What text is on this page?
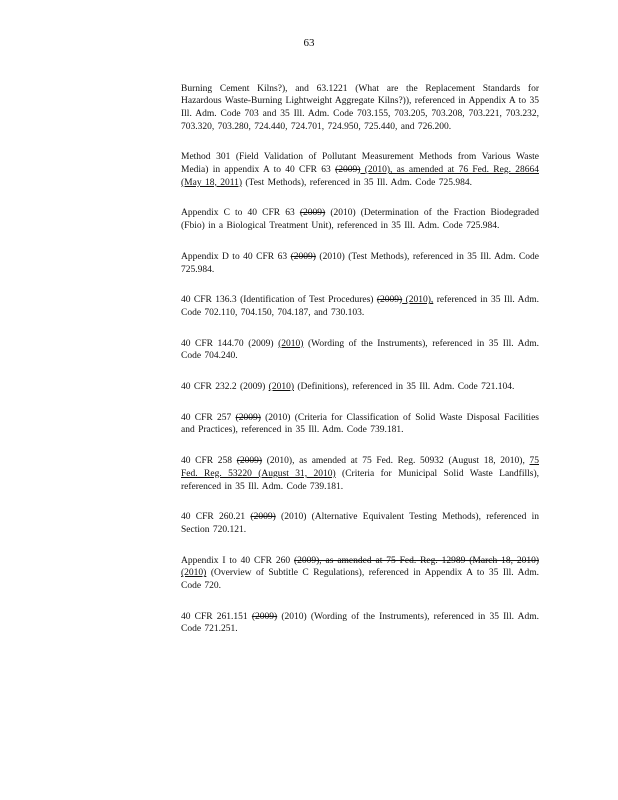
63

Burning Cement Kilns?), and 63.1221 (What are the Replacement Standards for Hazardous Waste-Burning Lightweight Aggregate Kilns?)), referenced in Appendix A to 35 Ill. Adm. Code 703 and 35 Ill. Adm. Code 703.155, 703.205, 703.208, 703.221, 703.232, 703.320, 703.280, 724.440, 724.701, 724.950, 725.440, and 726.200.

Method 301 (Field Validation of Pollutant Measurement Methods from Various Waste Media) in appendix A to 40 CFR 63 (2009) (2010), as amended at 76 Fed. Reg. 28664 (May 18, 2011) (Test Methods), referenced in 35 Ill. Adm. Code 725.984.

Appendix C to 40 CFR 63 (2009) (2010) (Determination of the Fraction Biodegraded (Fbio) in a Biological Treatment Unit), referenced in 35 Ill. Adm. Code 725.984.

Appendix D to 40 CFR 63 (2009) (2010) (Test Methods), referenced in 35 Ill. Adm. Code 725.984.

40 CFR 136.3 (Identification of Test Procedures) (2009) (2010), referenced in 35 Ill. Adm. Code 702.110, 704.150, 704.187, and 730.103.

40 CFR 144.70 (2009) (2010) (Wording of the Instruments), referenced in 35 Ill. Adm. Code 704.240.

40 CFR 232.2 (2009) (2010) (Definitions), referenced in 35 Ill. Adm. Code 721.104.

40 CFR 257 (2009) (2010) (Criteria for Classification of Solid Waste Disposal Facilities and Practices), referenced in 35 Ill. Adm. Code 739.181.

40 CFR 258 (2009) (2010), as amended at 75 Fed. Reg. 50932 (August 18, 2010), 75 Fed. Reg. 53220 (August 31, 2010) (Criteria for Municipal Solid Waste Landfills), referenced in 35 Ill. Adm. Code 739.181.

40 CFR 260.21 (2009) (2010) (Alternative Equivalent Testing Methods), referenced in Section 720.121.

Appendix I to 40 CFR 260 (2009), as amended at 75 Fed. Reg. 12989 (March 18, 2010) (2010) (Overview of Subtitle C Regulations), referenced in Appendix A to 35 Ill. Adm. Code 720.

40 CFR 261.151 (2009) (2010) (Wording of the Instruments), referenced in 35 Ill. Adm. Code 721.251.
